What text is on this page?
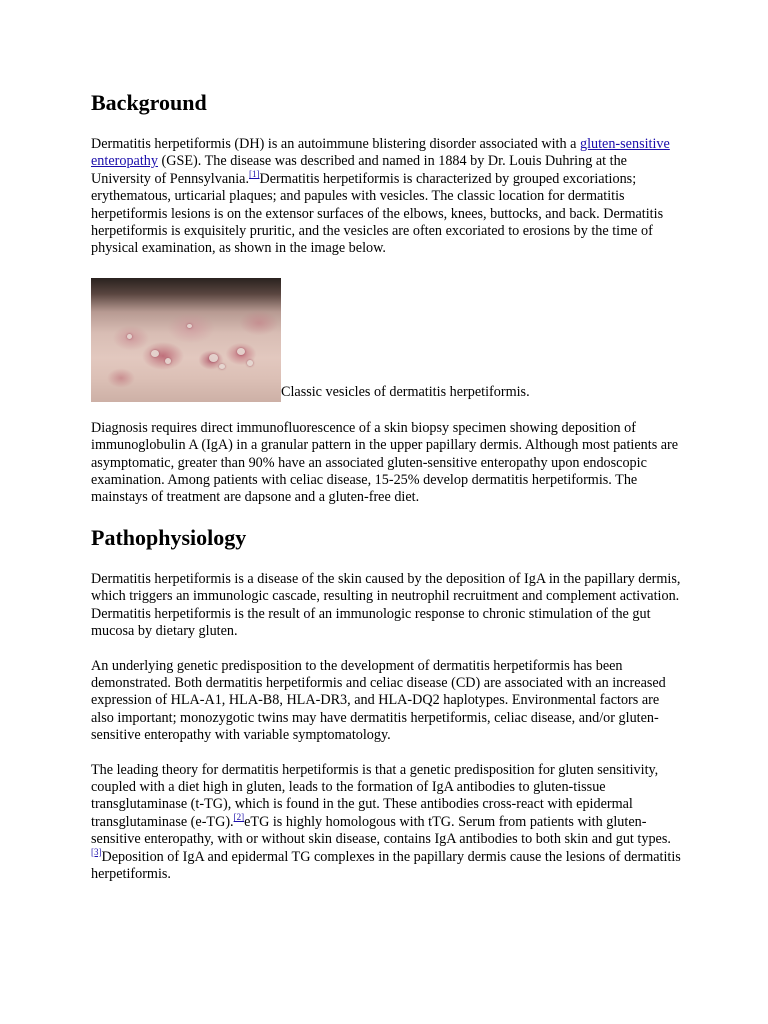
Background

Dermatitis herpetiformis (DH) is an autoimmune blistering disorder associated with a gluten-sensitive enteropathy (GSE). The disease was described and named in 1884 by Dr. Louis Duhring at the University of Pennsylvania.[1]Dermatitis herpetiformis is characterized by grouped excoriations; erythematous, urticarial plaques; and papules with vesicles. The classic location for dermatitis herpetiformis lesions is on the extensor surfaces of the elbows, knees, buttocks, and back. Dermatitis herpetiformis is exquisitely pruritic, and the vesicles are often excoriated to erosions by the time of physical examination, as shown in the image below.

Classic vesicles of dermatitis herpetiformis.

Diagnosis requires direct immunofluorescence of a skin biopsy specimen showing deposition of immunoglobulin A (IgA) in a granular pattern in the upper papillary dermis. Although most patients are asymptomatic, greater than 90% have an associated gluten-sensitive enteropathy upon endoscopic examination. Among patients with celiac disease, 15-25% develop dermatitis herpetiformis. The mainstays of treatment are dapsone and a gluten-free diet.

Pathophysiology

Dermatitis herpetiformis is a disease of the skin caused by the deposition of IgA in the papillary dermis, which triggers an immunologic cascade, resulting in neutrophil recruitment and complement activation. Dermatitis herpetiformis is the result of an immunologic response to chronic stimulation of the gut mucosa by dietary gluten.

An underlying genetic predisposition to the development of dermatitis herpetiformis has been demonstrated. Both dermatitis herpetiformis and celiac disease (CD) are associated with an increased expression of HLA-A1, HLA-B8, HLA-DR3, and HLA-DQ2 haplotypes. Environmental factors are also important; monozygotic twins may have dermatitis herpetiformis, celiac disease, and/or gluten-sensitive enteropathy with variable symptomatology.

The leading theory for dermatitis herpetiformis is that a genetic predisposition for gluten sensitivity, coupled with a diet high in gluten, leads to the formation of IgA antibodies to gluten-tissue transglutaminase (t-TG), which is found in the gut. These antibodies cross-react with epidermal transglutaminase (e-TG).[2]eTG is highly homologous with tTG. Serum from patients with gluten-sensitive enteropathy, with or without skin disease, contains IgA antibodies to both skin and gut types.[3]Deposition of IgA and epidermal TG complexes in the papillary dermis cause the lesions of dermatitis herpetiformis.
